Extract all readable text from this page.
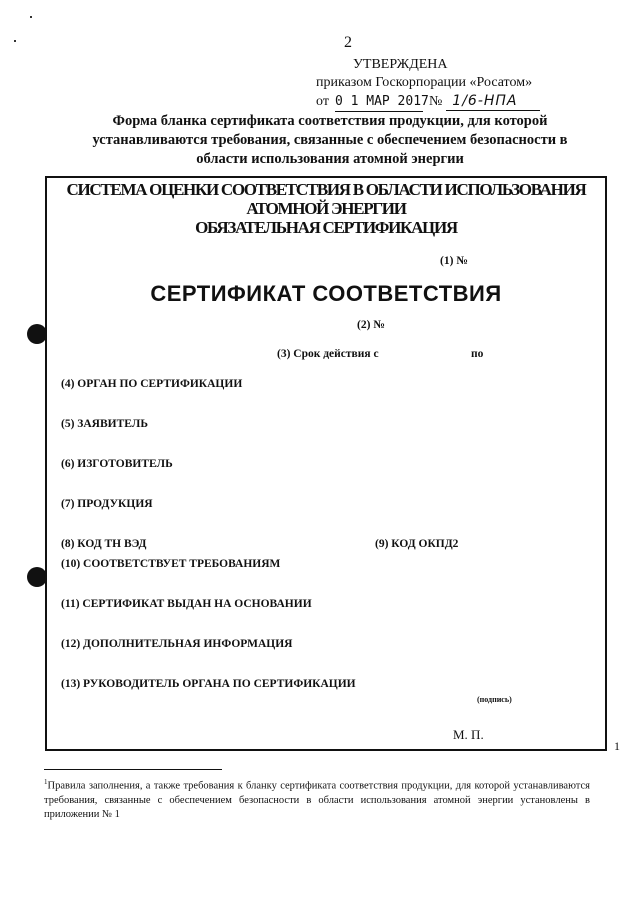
2
УТВЕРЖДЕНА
приказом Госкорпорации «Росатом»
от 0 1 МАР 2017 № 1/6-НПА
Форма бланка сертификата соответствия продукции, для которой
устанавливаются требования, связанные с обеспечением безопасности в
области использования атомной энергии
СИСТЕМА ОЦЕНКИ СООТВЕТСТВИЯ В ОБЛАСТИ ИСПОЛЬЗОВАНИЯ
АТОМНОЙ ЭНЕРГИИ
ОБЯЗАТЕЛЬНАЯ СЕРТИФИКАЦИЯ
(1) №
СЕРТИФИКАТ СООТВЕТСТВИЯ
(2) №
(3) Срок действия с	по
(4) ОРГАН ПО СЕРТИФИКАЦИИ
(5) ЗАЯВИТЕЛЬ
(6) ИЗГОТОВИТЕЛЬ
(7) ПРОДУКЦИЯ
(8) КОД ТН ВЭД	(9) КОД ОКПД2
(10) СООТВЕТСТВУЕТ ТРЕБОВАНИЯМ
(11) СЕРТИФИКАТ ВЫДАН НА ОСНОВАНИИ
(12) ДОПОЛНИТЕЛЬНАЯ ИНФОРМАЦИЯ
(13) РУКОВОДИТЕЛЬ ОРГАНА ПО СЕРТИФИКАЦИИ
(подпись)
М. П.
1
$^1$Правила заполнения, а также требования к бланку сертификата соответствия продукции, для которой устанавливаются требования, связанные с обеспечением безопасности в области использования атомной энергии установлены в приложении № 1
